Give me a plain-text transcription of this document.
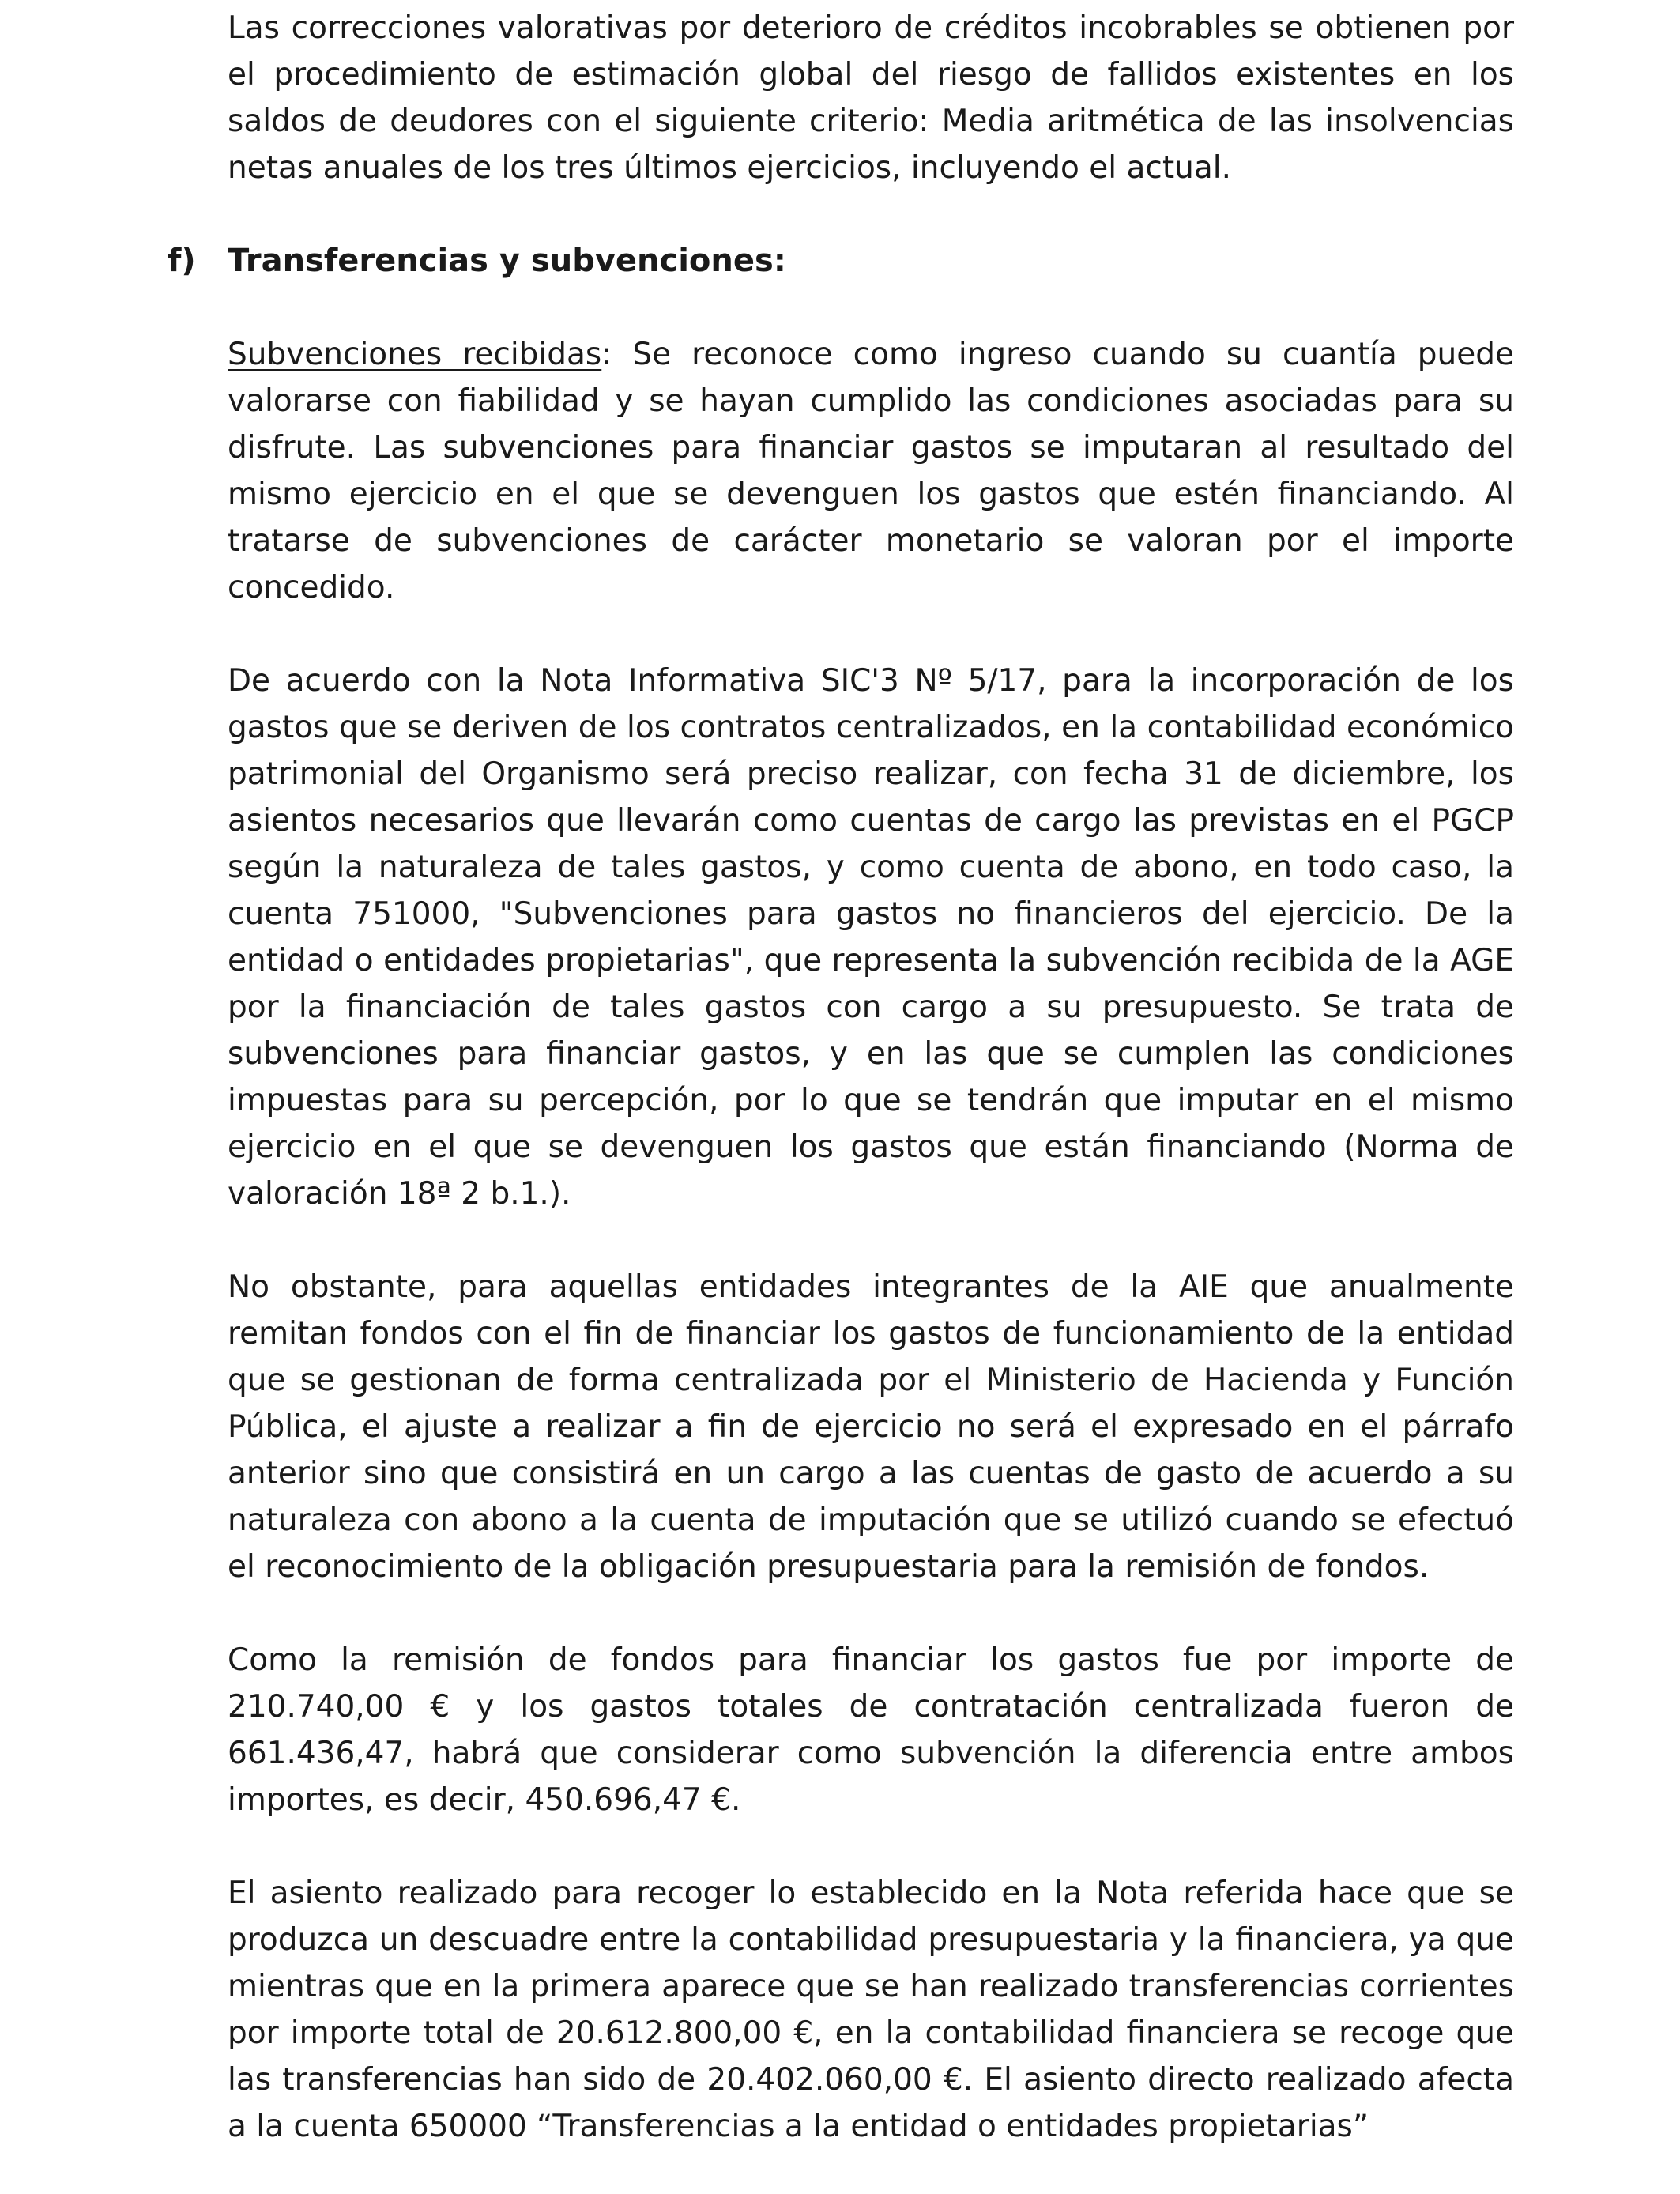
Las correcciones valorativas por deterioro de créditos incobrables se obtienen por el procedimiento de estimación global del riesgo de fallidos existentes en los saldos de deudores con el siguiente criterio: Media aritmética de las insolvencias netas anuales de los tres últimos ejercicios, incluyendo el actual.

f) Transferencias y subvenciones:

Subvenciones recibidas: Se reconoce como ingreso cuando su cuantía puede valorarse con fiabilidad y se hayan cumplido las condiciones asociadas para su disfrute. Las subvenciones para financiar gastos se imputaran al resultado del mismo ejercicio en el que se devenguen los gastos que estén financiando. Al tratarse de subvenciones de carácter monetario se valoran por el importe concedido.

De acuerdo con la Nota Informativa SIC'3 Nº 5/17, para la incorporación de los gastos que se deriven de los contratos centralizados, en la contabilidad económico patrimonial del Organismo será preciso realizar, con fecha 31 de diciembre, los asientos necesarios que llevarán como cuentas de cargo las previstas en el PGCP según la naturaleza de tales gastos, y como cuenta de abono, en todo caso, la cuenta 751000, "Subvenciones para gastos no financieros del ejercicio. De la entidad o entidades propietarias", que representa la subvención recibida de la AGE por la financiación de tales gastos con cargo a su presupuesto. Se trata de subvenciones para financiar gastos, y en las que se cumplen las condiciones impuestas para su percepción, por lo que se tendrán que imputar en el mismo ejercicio en el que se devenguen los gastos que están financiando (Norma de valoración 18ª 2 b.1.).

No obstante, para aquellas entidades integrantes de la AIE que anualmente remitan fondos con el fin de financiar los gastos de funcionamiento de la entidad que se gestionan de forma centralizada por el Ministerio de Hacienda y Función Pública, el ajuste a realizar a fin de ejercicio no será el expresado en el párrafo anterior sino que consistirá en un cargo a las cuentas de gasto de acuerdo a su naturaleza con abono a la cuenta de imputación que se utilizó cuando se efectuó el reconocimiento de la obligación presupuestaria para la remisión de fondos.

Como la remisión de fondos para financiar los gastos fue por importe de 210.740,00 € y los gastos totales de contratación centralizada fueron de 661.436,47, habrá que considerar como subvención la diferencia entre ambos importes, es decir, 450.696,47 €.

El asiento realizado para recoger lo establecido en la Nota referida hace que se produzca un descuadre entre la contabilidad presupuestaria y la financiera, ya que mientras que en la primera aparece que se han realizado transferencias corrientes por importe total de 20.612.800,00 €, en la contabilidad financiera se recoge que las transferencias han sido de 20.402.060,00 €. El asiento directo realizado afecta a la cuenta 650000 “Transferencias a la entidad o entidades propietarias”
